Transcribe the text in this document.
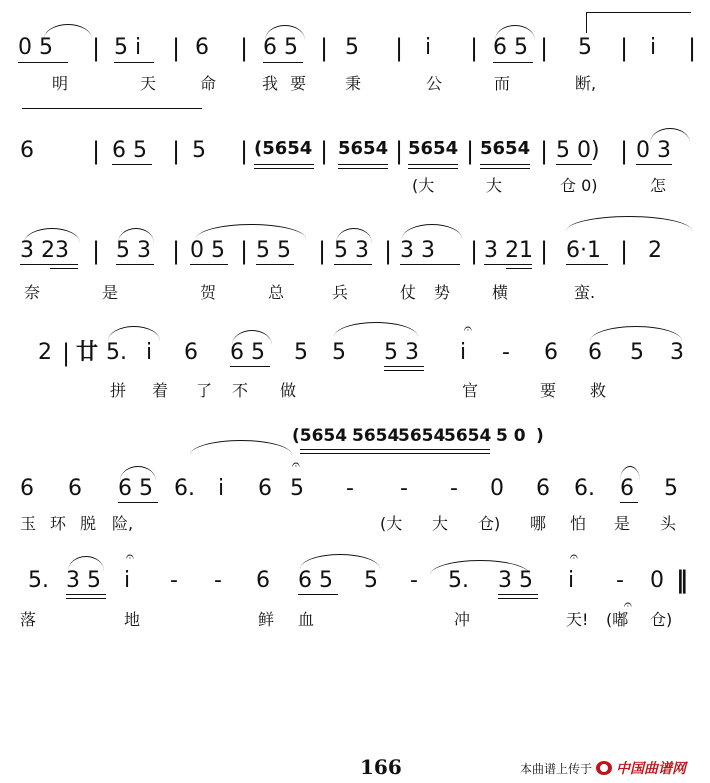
0 5 | 5 i | 6 | 6 5 | 5 | i | 6 5 | 5 | i |
明	天	命	我 要 秉	公	而	断,
6 | 6 5 | 5 | (5654 | 5654 | 5654 | 5654 | 5 0) | 0 3
(大	大	仓 0)	怎
3 23 | 5 3 | 0 5 | 5 5 | 5 3 | 3 3 | 3 21 | 6·1 | 2
奈	是	贺	总	兵	仗 势	横	蛮.
2 | 廿 5. i 6 6 5 5 5 5 3 i - 6 6 5 3
𝄐
拼 着 了 不 做	官	要 救
(5654 5654
5654
5654 5 0 )
6 6 6 5 6. i 6 5 - - - 0 6 6. 6 5
𝄐
玉 环 脱 险,	(大 大 仓) 哪 怕 是 头
5. 3 5 i - - 6 6 5 5 - 5. 3 5 i - 0 ‖
𝄐	𝄐
𝄐
落	地	鲜 血	冲	天! (嘟 仓)
166	本曲谱上传于 中国曲谱网
